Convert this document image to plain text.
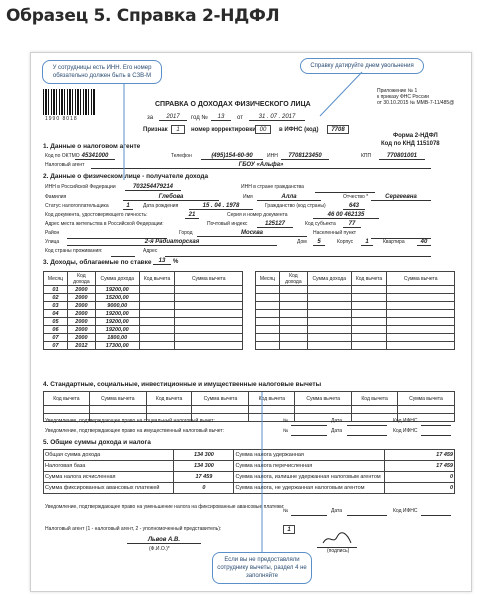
Образец 5. Справка 2-НДФЛ
1990 8018
Приложение № 1
к приказу ФНС России
от 30.10.2015 № ММВ-7-11/485@
СПРАВКА О ДОХОДАХ ФИЗИЧЕСКОГО ЛИЦА
за	2017	год №	13	от	31 . 07 . 2017
Признак	1	номер корректировки 00	в ИФНС (код)	7708
Форма 2-НДФЛ
Код по КНД 1151078
1. Данные о налоговом агенте
Код по ОКТМО 45341000	Телефон	(495)154-60-90	ИНН	7708123450	КПП	770801001
Налоговый агент	ГБОУ «Альфа»
2. Данные о физическом лице - получателе дохода
ИНН в Российской Федерации	703254479214	ИНН в стране гражданства
Фамилия	Глебова	Имя	Алла	Отчество *	Сергеевна
Статус налогоплательщика	1	Дата рождения	15 . 04 . 1978	Гражданство (код страны)	643
Код документа, удостоверяющего личность:	21	Серия и номер документа	46 00 462135
Адрес места жительства в Российской Федерации:	Почтовый индекс	125127	Код субъекта	77
Район	Город	Москва	Населенный пункт
Улица	2-я Радиаторская	Дом	5	Корпус	1	Квартира	40
Код страны проживания:	Адрес
3. Доходы, облагаемые по ставке	13	%
Месяц	Код дохода	Сумма дохода	Код вычета	Сумма вычета
01	2000	19200,00		
02	2000	15200,00		
03	2000	9000,00		
04	2000	19200,00		
05	2000	19200,00		
06	2000	19200,00		
07	2000	1800,00		
07	2012	17300,00		
Месяц	Код дохода	Сумма дохода	Код вычета	Сумма вычета

4. Стандартные, социальные, инвестиционные и имущественные налоговые вычеты
Код вычета	Сумма вычета	Код вычета	Сумма вычета	Код вычета	Сумма вычета	Код вычета	Сумма вычета

Уведомление, подтверждающее право на социальный налоговый вычет:	№	Дата	Код ИФНС
Уведомление, подтверждающее право на имущественный налоговый вычет:	№	Дата	Код ИФНС
5. Общие суммы дохода и налога
Общая сумма дохода	134 300	Сумма налога удержанная	17 459
Налоговая база	134 300	Сумма налога перечисленная	17 459
Сумма налога исчисленная	17 459	Сумма налога, излишне удержанная налоговым агентом	0
Сумма фиксированных авансовых платежей	0	Сумма налога, не удержанная налоговым агентом	0
Уведомление, подтверждающее право на уменьшение налога на фиксированные авансовые платежи:
№	Дата	Код ИФНС
Налоговый агент (1 - налоговый агент, 2 - уполномоченный представитель):	1
Львов А.В.
(Ф.И.О.)*	(подпись)
У сотрудницы есть ИНН. Его номер обязательно должен быть в СЗВ-М
Справку датируйте днем увольнения
Если вы не предоставляли сотруднику вычеты, раздел 4 не заполняйте
